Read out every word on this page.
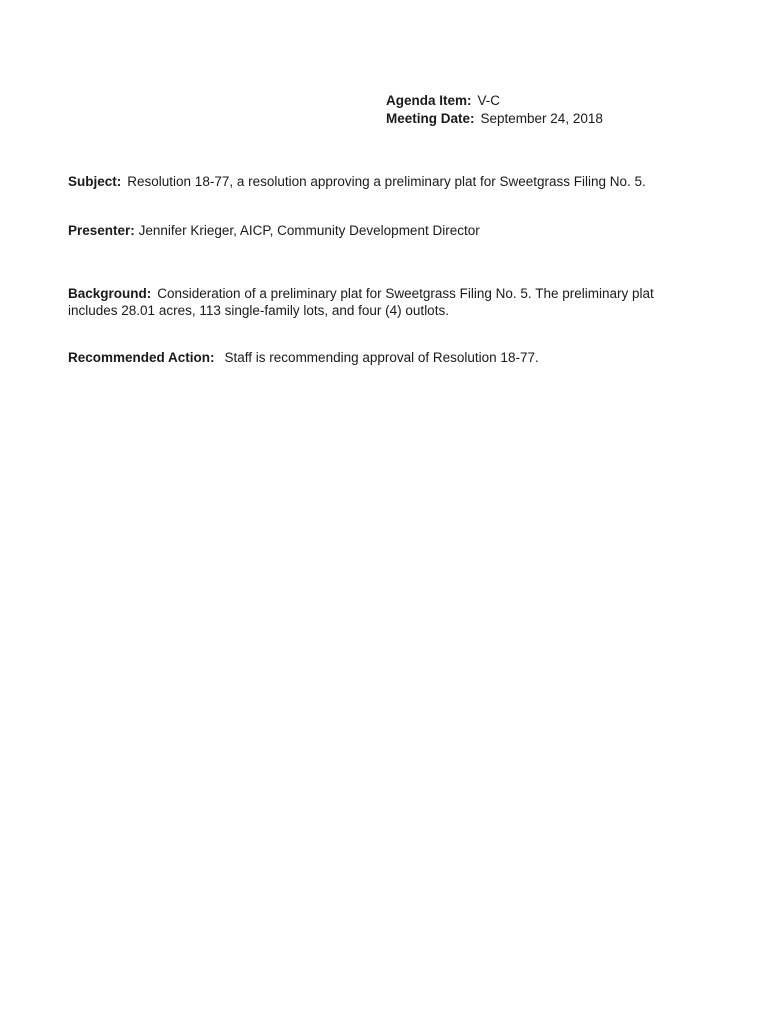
Agenda Item: V-C
Meeting Date: September 24, 2018
Subject: Resolution 18-77, a resolution approving a preliminary plat for Sweetgrass Filing No. 5.
Presenter: Jennifer Krieger, AICP, Community Development Director
Background: Consideration of a preliminary plat for Sweetgrass Filing No. 5. The preliminary plat includes 28.01 acres, 113 single-family lots, and four (4) outlots.
Recommended Action: Staff is recommending approval of Resolution 18-77.
